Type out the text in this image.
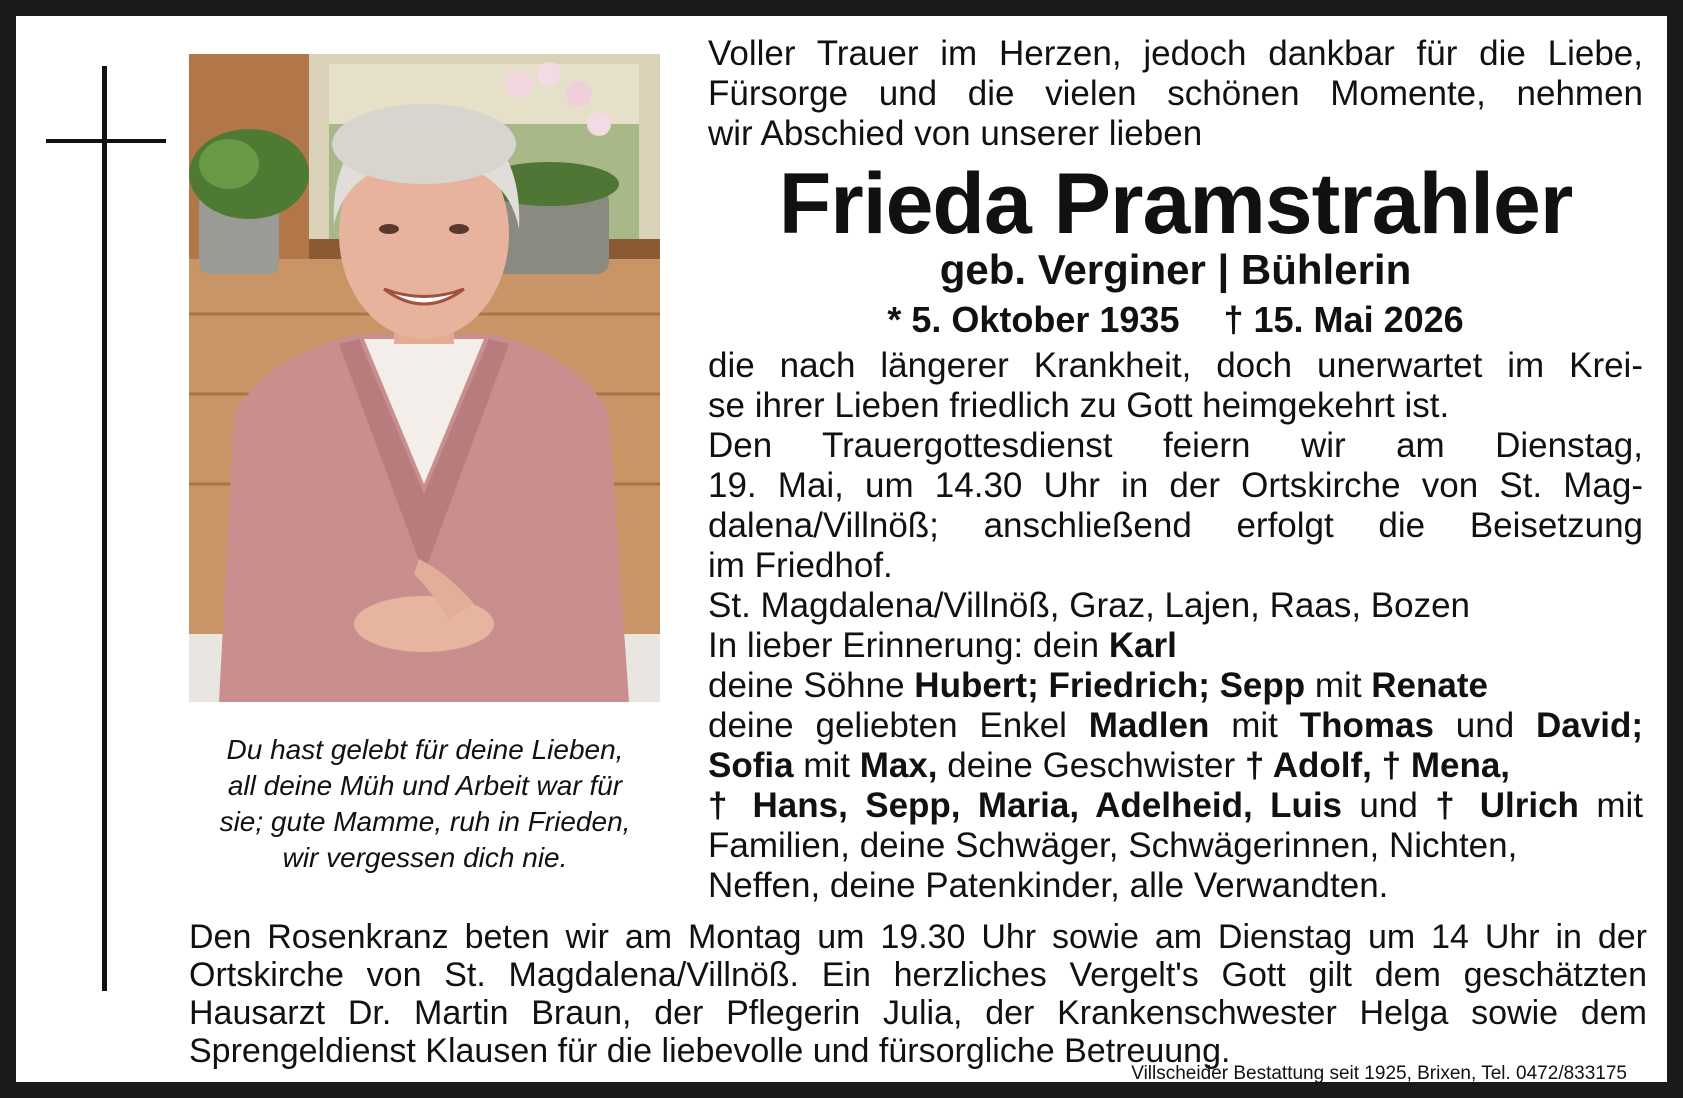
Du hast gelebt für deine Lieben,
all deine Müh und Arbeit war für
sie; gute Mamme, ruh in Frieden,
wir vergessen dich nie.
Voller Trauer im Herzen, jedoch dankbar für die Liebe,
Fürsorge und die vielen schönen Momente, nehmen
wir Abschied von unserer lieben
Frieda Pramstrahler
geb. Verginer | Bühlerin
* 5. Oktober 1935 † 15. Mai 2026
die nach längerer Krankheit, doch unerwartet im Krei-
se ihrer Lieben friedlich zu Gott heimgekehrt ist.
Den Trauergottesdienst feiern wir am Dienstag,
19. Mai, um 14.30 Uhr in der Ortskirche von St. Mag-
dalena/Villnöß; anschließend erfolgt die Beisetzung
im Friedhof.
St. Magdalena/Villnöß, Graz, Lajen, Raas, Bozen
In lieber Erinnerung: dein Karl
deine Söhne Hubert; Friedrich; Sepp mit Renate
deine geliebten Enkel Madlen mit Thomas und David;
Sofia mit Max, deine Geschwister † Adolf, † Mena,
† Hans, Sepp, Maria, Adelheid, Luis und † Ulrich mit
Familien, deine Schwäger, Schwägerinnen, Nichten,
Neffen, deine Patenkinder, alle Verwandten.
Den Rosenkranz beten wir am Montag um 19.30 Uhr sowie am Dienstag um 14 Uhr in der
Ortskirche von St. Magdalena/Villnöß. Ein herzliches Vergelt's Gott gilt dem geschätzten
Hausarzt Dr. Martin Braun, der Pflegerin Julia, der Krankenschwester Helga sowie dem
Sprengeldienst Klausen für die liebevolle und fürsorgliche Betreuung.
Villscheider Bestattung seit 1925, Brixen, Tel. 0472/833175
